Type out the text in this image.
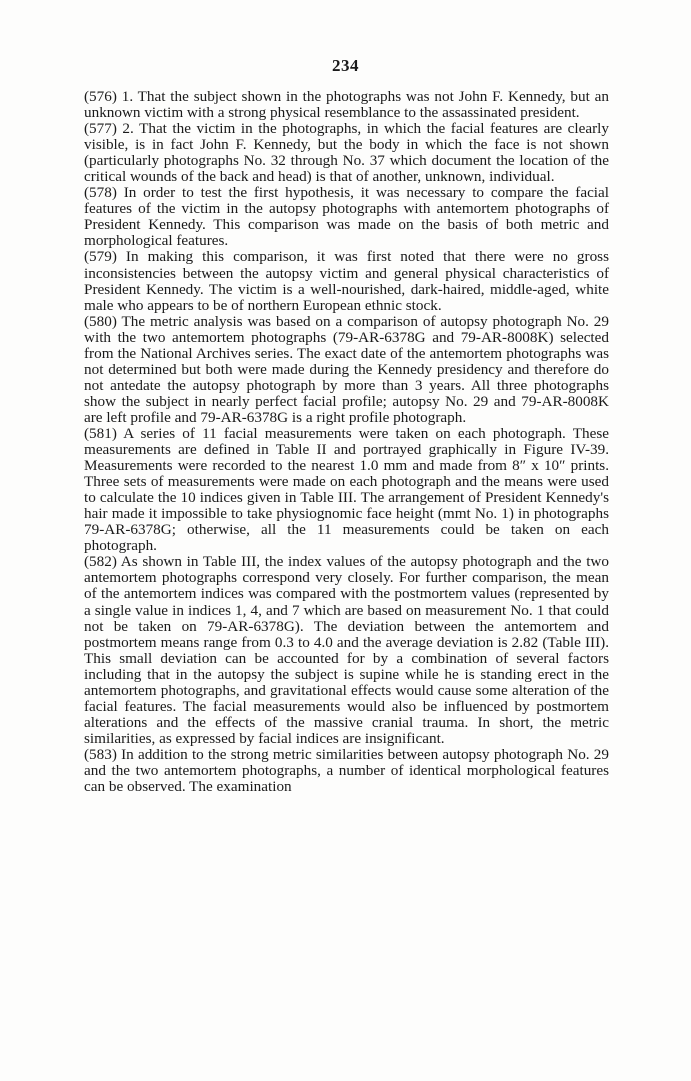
234

(576) 1. That the subject shown in the photographs was not John F. Kennedy, but an unknown victim with a strong physical resemblance to the assassinated president.

(577) 2. That the victim in the photographs, in which the facial features are clearly visible, is in fact John F. Kennedy, but the body in which the face is not shown (particularly photographs No. 32 through No. 37 which document the location of the critical wounds of the back and head) is that of another, unknown, individual.

(578) In order to test the first hypothesis, it was necessary to compare the facial features of the victim in the autopsy photographs with antemortem photographs of President Kennedy. This comparison was made on the basis of both metric and morphological features.

(579) In making this comparison, it was first noted that there were no gross inconsistencies between the autopsy victim and general physical characteristics of President Kennedy. The victim is a well-nourished, dark-haired, middle-aged, white male who appears to be of northern European ethnic stock.

(580) The metric analysis was based on a comparison of autopsy photograph No. 29 with the two antemortem photographs (79-AR-6378G and 79-AR-8008K) selected from the National Archives series. The exact date of the antemortem photographs was not determined but both were made during the Kennedy presidency and therefore do not antedate the autopsy photograph by more than 3 years. All three photographs show the subject in nearly perfect facial profile; autopsy No. 29 and 79-AR-8008K are left profile and 79-AR-6378G is a right profile photograph.

(581) A series of 11 facial measurements were taken on each photograph. These measurements are defined in Table II and portrayed graphically in Figure IV-39. Measurements were recorded to the nearest 1.0 mm and made from 8″ x 10″ prints. Three sets of measurements were made on each photograph and the means were used to calculate the 10 indices given in Table III. The arrangement of President Kennedy's hair made it impossible to take physiognomic face height (mmt No. 1) in photographs 79-AR-6378G; otherwise, all the 11 measurements could be taken on each photograph.

(582) As shown in Table III, the index values of the autopsy photograph and the two antemortem photographs correspond very closely. For further comparison, the mean of the antemortem indices was compared with the postmortem values (represented by a single value in indices 1, 4, and 7 which are based on measurement No. 1 that could not be taken on 79-AR-6378G). The deviation between the antemortem and postmortem means range from 0.3 to 4.0 and the average deviation is 2.82 (Table III). This small deviation can be accounted for by a combination of several factors including that in the autopsy the subject is supine while he is standing erect in the antemortem photographs, and gravitational effects would cause some alteration of the facial features. The facial measurements would also be influenced by postmortem alterations and the effects of the massive cranial trauma. In short, the metric similarities, as expressed by facial indices are insignificant.

(583) In addition to the strong metric similarities between autopsy photograph No. 29 and the two antemortem photographs, a number of identical morphological features can be observed. The examination
